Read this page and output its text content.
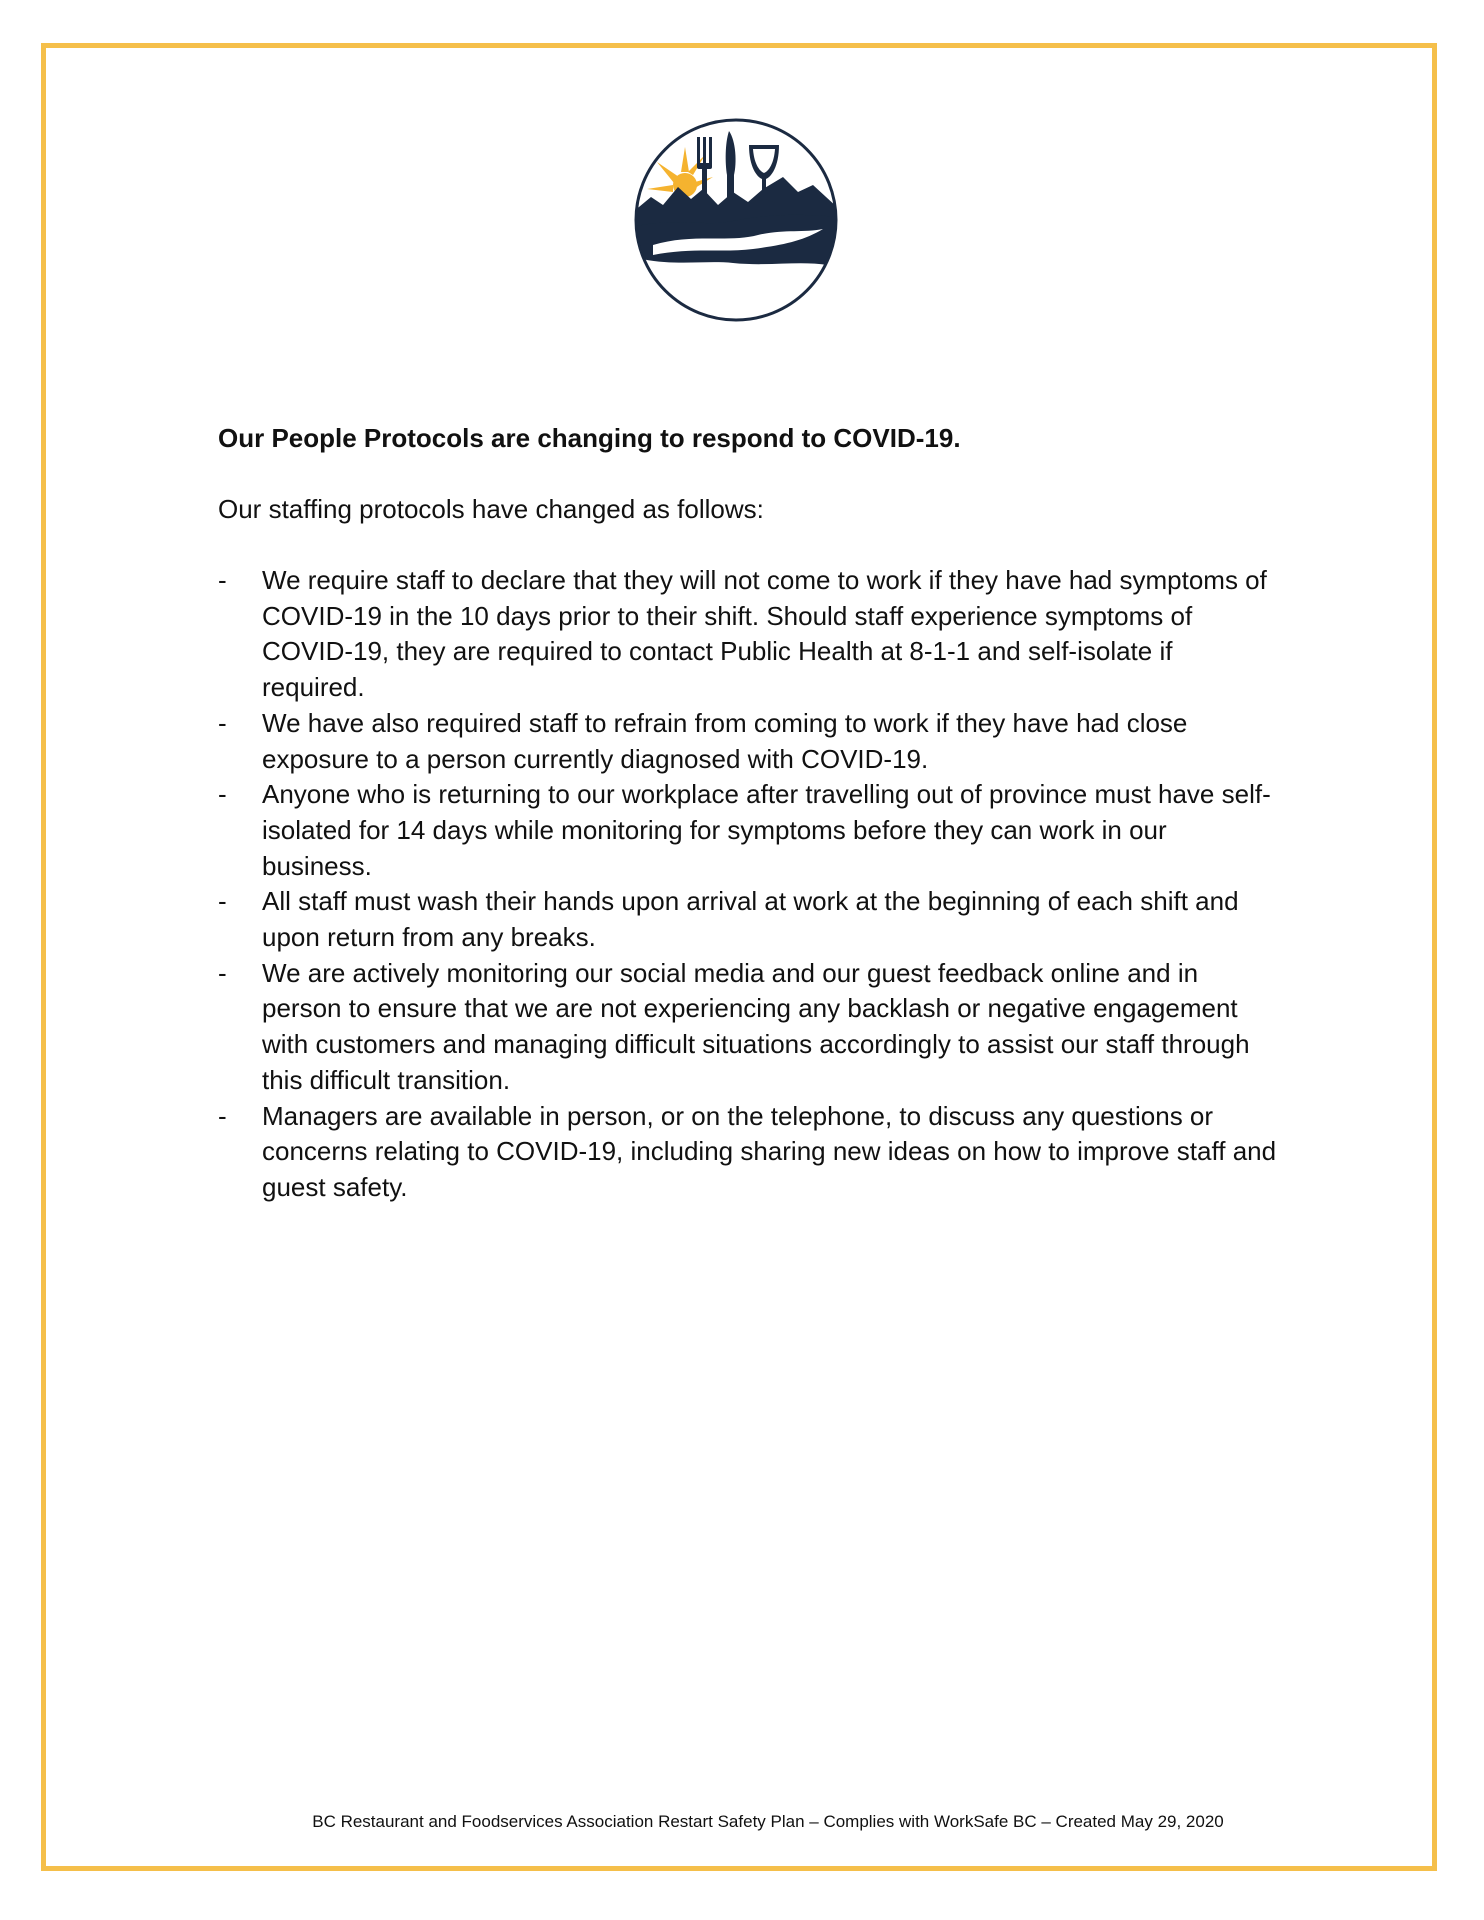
Our People Protocols are changing to respond to COVID-19.

Our staffing protocols have changed as follows:

- We require staff to declare that they will not come to work if they have had symptoms of COVID-19 in the 10 days prior to their shift. Should staff experience symptoms of COVID-19, they are required to contact Public Health at 8-1-1 and self-isolate if required.
- We have also required staff to refrain from coming to work if they have had close exposure to a person currently diagnosed with COVID-19.
- Anyone who is returning to our workplace after travelling out of province must have self-isolated for 14 days while monitoring for symptoms before they can work in our business.
- All staff must wash their hands upon arrival at work at the beginning of each shift and upon return from any breaks.
- We are actively monitoring our social media and our guest feedback online and in person to ensure that we are not experiencing any backlash or negative engagement with customers and managing difficult situations accordingly to assist our staff through this difficult transition.
- Managers are available in person, or on the telephone, to discuss any questions or concerns relating to COVID-19, including sharing new ideas on how to improve staff and guest safety.
BC Restaurant and Foodservices Association Restart Safety Plan – Complies with WorkSafe BC – Created May 29, 2020
